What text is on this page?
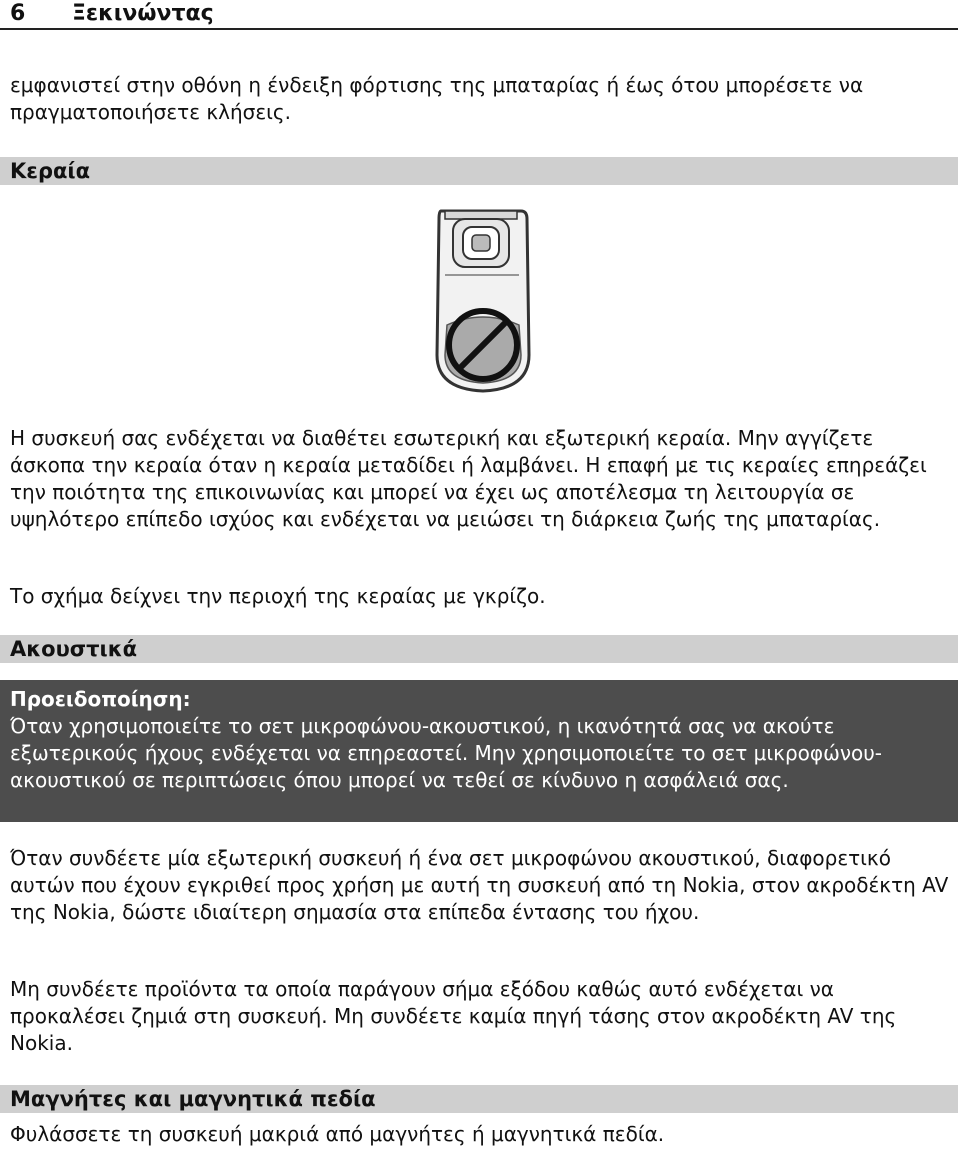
6 Ξεκινώντας

εμφανιστεί στην οθόνη η ένδειξη φόρτισης της μπαταρίας ή έως ότου μπορέσετε να πραγματοποιήσετε κλήσεις.

Κεραία

Η συσκευή σας ενδέχεται να διαθέτει εσωτερική και εξωτερική κεραία. Μην αγγίζετε άσκοπα την κεραία όταν η κεραία μεταδίδει ή λαμβάνει. Η επαφή με τις κεραίες επηρεάζει την ποιότητα της επικοινωνίας και μπορεί να έχει ως αποτέλεσμα τη λειτουργία σε υψηλότερο επίπεδο ισχύος και ενδέχεται να μειώσει τη διάρκεια ζωής της μπαταρίας.

Το σχήμα δείχνει την περιοχή της κεραίας με γκρίζο.

Ακουστικά
Προειδοποίηση:

Όταν χρησιμοποιείτε το σετ μικροφώνου-ακουστικού, η ικανότητά σας να ακούτε εξωτερικούς ήχους ενδέχεται να επηρεαστεί. Μην χρησιμοποιείτε το σετ μικροφώνου-ακουστικού σε περιπτώσεις όπου μπορεί να τεθεί σε κίνδυνο η ασφάλειά σας.

Όταν συνδέετε μία εξωτερική συσκευή ή ένα σετ μικροφώνου ακουστικού, διαφορετικό αυτών που έχουν εγκριθεί προς χρήση με αυτή τη συσκευή από τη Nokia, στον ακροδέκτη AV της Nokia, δώστε ιδιαίτερη σημασία στα επίπεδα έντασης του ήχου.

Μη συνδέετε προϊόντα τα οποία παράγουν σήμα εξόδου καθώς αυτό ενδέχεται να προκαλέσει ζημιά στη συσκευή. Μη συνδέετε καμία πηγή τάσης στον ακροδέκτη AV της Nokia.

Μαγνήτες και μαγνητικά πεδία

Φυλάσσετε τη συσκευή μακριά από μαγνήτες ή μαγνητικά πεδία.
